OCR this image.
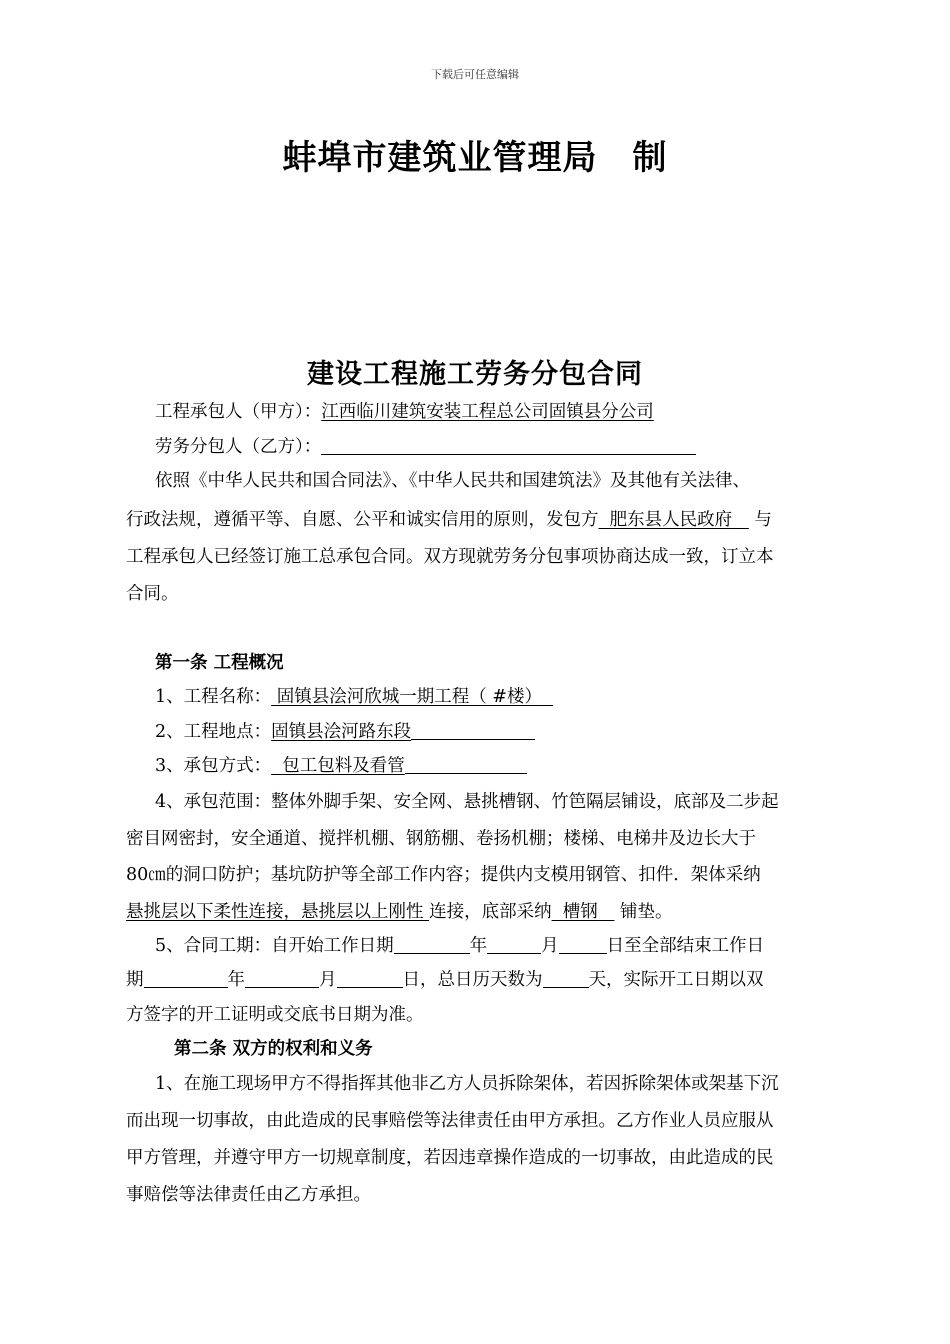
下载后可任意编辑
蚌埠市建筑业管理局　制
建设工程施工劳务分包合同
工程承包人（甲方）：江西临川建筑安装工程总公司固镇县分公司
劳务分包人（乙方）：
依照《中华人民共和国合同法》、《中华人民共和国建筑法》及其他有关法律、
行政法规，遵循平等、自愿、公平和诚实信用的原则，发包方 肥东县人民政府 与
工程承包人已经签订施工总承包合同。双方现就劳务分包事项协商达成一致，订立本
合同。
第一条 工程概况
1、工程名称： 固镇县浍河欣城一期工程（ #楼）
2、工程地点：固镇县浍河路东段
3、承包方式： 包工包料及看管
4、承包范围：整体外脚手架、安全网、悬挑槽钢、竹笆隔层铺设，底部及二步起
密目网密封，安全通道、搅拌机棚、钢筋棚、卷扬机棚；楼梯、电梯井及边长大于
80㎝的洞口防护；基坑防护等全部工作内容；提供内支模用钢管、扣件．架体采纳
悬挑层以下柔性连接，悬挑层以上刚性 连接，底部采纳 槽钢 铺垫。
5、合同工期：自开始工作日期	年	月	日至全部结束工作日
期	年	月	日，总日历天数为	天，实际开工日期以双
方签字的开工证明或交底书日期为准。
第二条 双方的权利和义务
1、在施工现场甲方不得指挥其他非乙方人员拆除架体，若因拆除架体或架基下沉
而出现一切事故，由此造成的民事赔偿等法律责任由甲方承担。乙方作业人员应服从
甲方管理，并遵守甲方一切规章制度，若因违章操作造成的一切事故，由此造成的民
事赔偿等法律责任由乙方承担。
